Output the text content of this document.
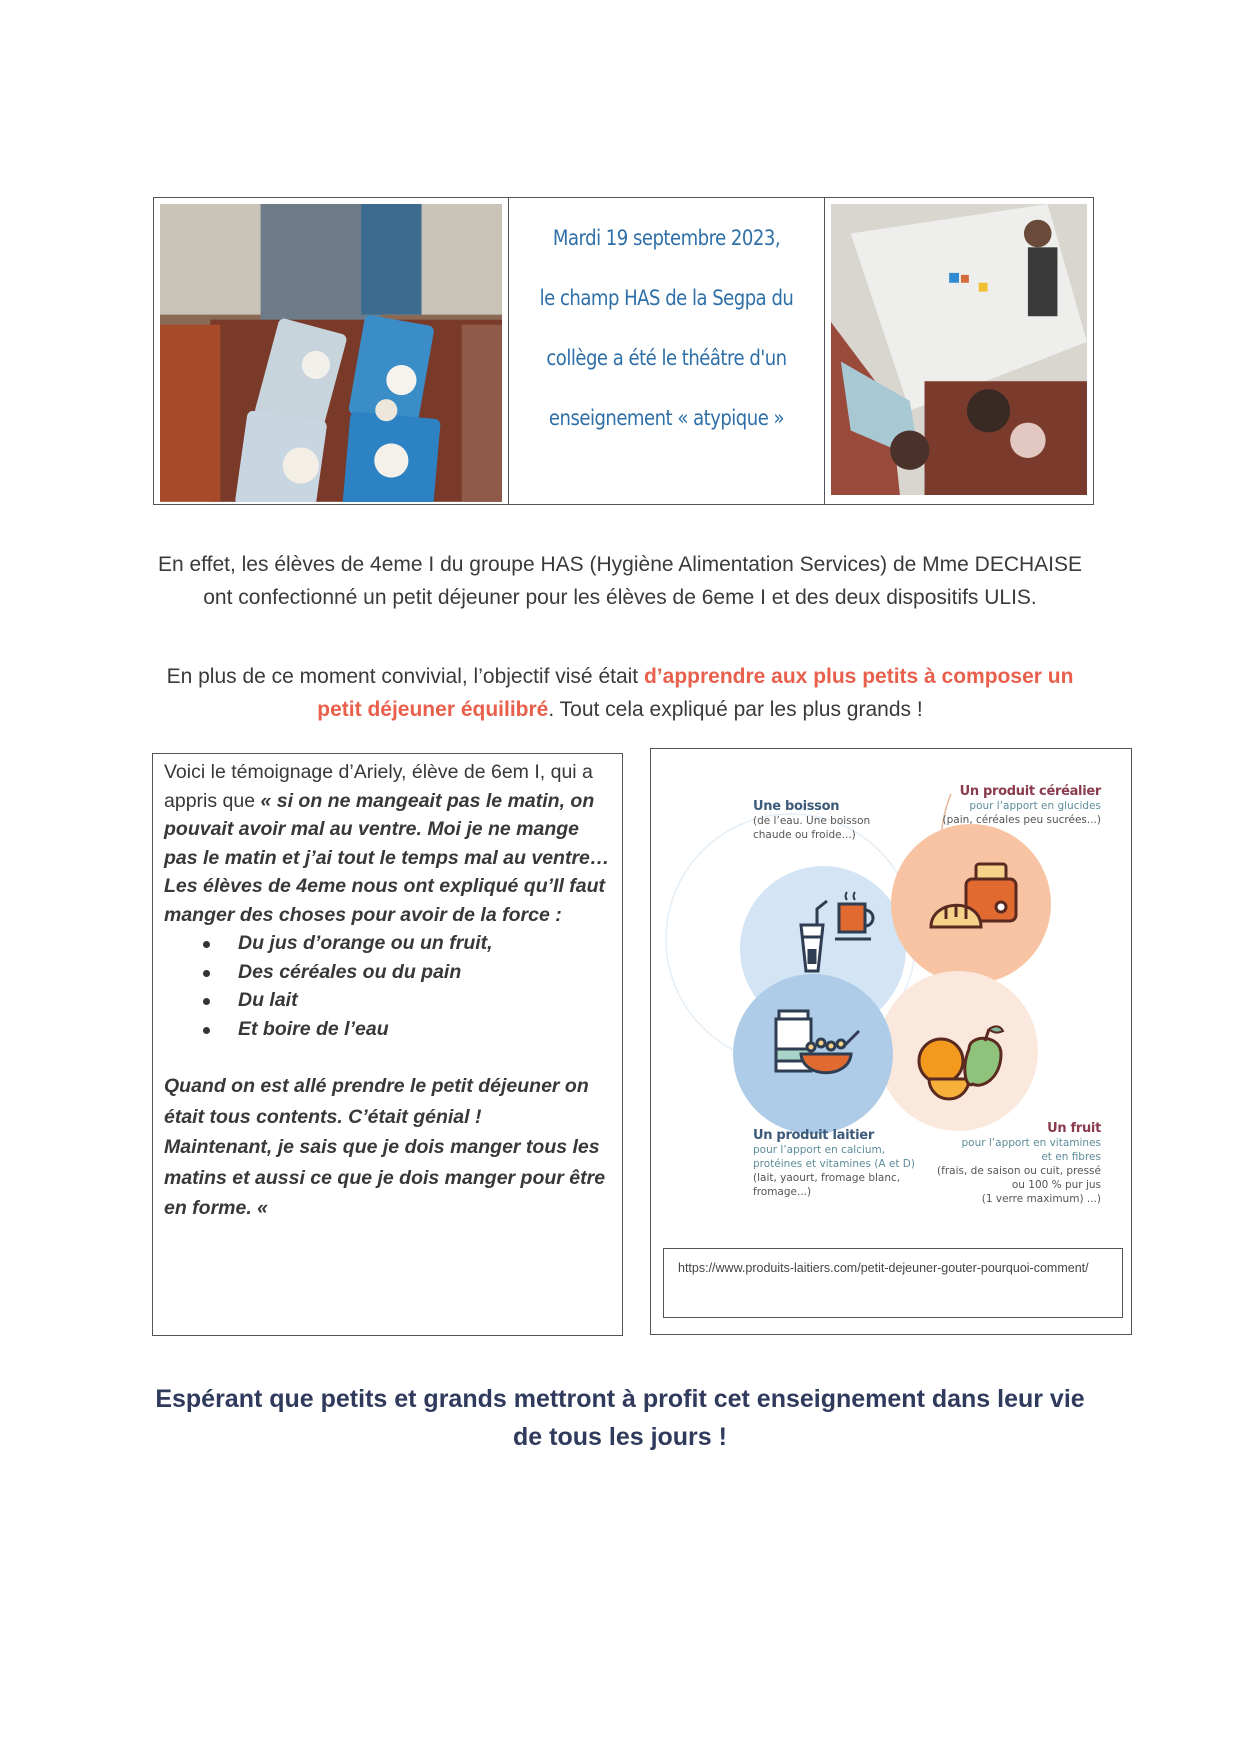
Mardi 19 septembre 2023,
le champ HAS de la Segpa du
collège a été le théâtre d'un
enseignement « atypique »
En effet, les élèves de 4eme I du groupe HAS (Hygiène Alimentation Services) de Mme DECHAISE ont confectionné un petit déjeuner pour les élèves de 6eme I et des deux dispositifs ULIS.
En plus de ce moment convivial, l’objectif visé était d’apprendre aux plus petits à composer un petit déjeuner équilibré. Tout cela expliqué par les plus grands !
Voici le témoignage d’Ariely, élève de 6em I, qui a appris que « si on ne mangeait pas le matin, on pouvait avoir mal au ventre. Moi je ne mange pas le matin et j’ai tout le temps mal au ventre…
Les élèves de 4eme nous ont expliqué qu’Il faut manger des choses pour avoir de la force :
Du jus d’orange ou un fruit,
Des céréales ou du pain
Du lait
Et boire de l’eau
Quand on est allé prendre le petit déjeuner on était tous contents. C’était génial !
Maintenant, je sais que je dois manger tous les matins et aussi ce que je dois manger pour être en forme. «
Une boisson
(de l’eau. Une boisson
chaude ou froide...)
Un produit céréalier
pour l’apport en glucides
(pain, céréales peu sucrées...)
Un produit laitier
pour l’apport en calcium,
protéines et vitamines (A et D)
(lait, yaourt, fromage blanc,
fromage...)
Un fruit
pour l’apport en vitamines
et en fibres
(frais, de saison ou cuit, pressé
ou 100 % pur jus
(1 verre maximum) ...)
https://www.produits-laitiers.com/petit-dejeuner-gouter-pourquoi-comment/
Espérant que petits et grands mettront à profit cet enseignement dans leur vie de tous les jours !
